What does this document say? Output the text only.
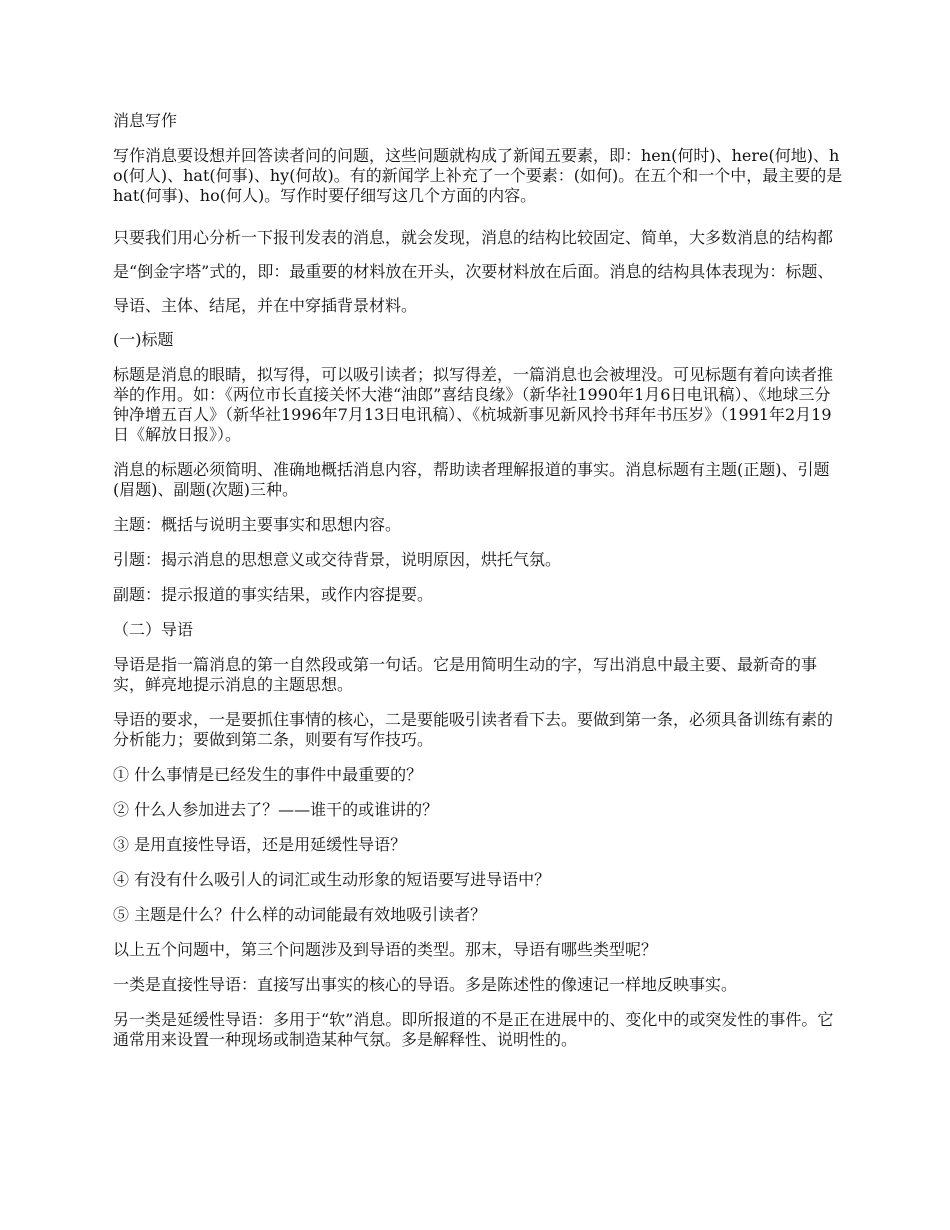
消息写作

写作消息要设想并回答读者问的问题，这些问题就构成了新闻五要素，即：hen(何时)、here(何地)、ho(何人)、hat(何事)、hy(何故)。有的新闻学上补充了一个要素：(如何)。在五个和一个中，最主要的是hat(何事)、ho(何人)。写作时要仔细写这几个方面的内容。

只要我们用心分析一下报刊发表的消息，就会发现，消息的结构比较固定、简单，大多数消息的结构都是“倒金字塔”式的，即：最重要的材料放在开头，次要材料放在后面。消息的结构具体表现为：标题、导语、主体、结尾，并在中穿插背景材料。

(一)标题

标题是消息的眼睛，拟写得，可以吸引读者；拟写得差，一篇消息也会被埋没。可见标题有着向读者推举的作用。如：《两位市长直接关怀大港“油郎”喜结良缘》（新华社1990年1月6日电讯稿）、《地球三分钟净增五百人》（新华社1996年7月13日电讯稿）、《杭城新事见新风拎书拜年书压岁》（1991年2月19日《解放日报》）。

消息的标题必须简明、准确地概括消息内容，帮助读者理解报道的事实。消息标题有主题(正题)、引题(眉题)、副题(次题)三种。

主题：概括与说明主要事实和思想内容。

引题：揭示消息的思想意义或交待背景，说明原因，烘托气氛。

副题：提示报道的事实结果，或作内容提要。

（二）导语

导语是指一篇消息的第一自然段或第一句话。它是用简明生动的字，写出消息中最主要、最新奇的事实，鲜亮地提示消息的主题思想。

导语的要求，一是要抓住事情的核心，二是要能吸引读者看下去。要做到第一条，必须具备训练有素的分析能力；要做到第二条，则要有写作技巧。

① 什么事情是已经发生的事件中最重要的？

② 什么人参加进去了？——谁干的或谁讲的？

③ 是用直接性导语，还是用延缓性导语？

④ 有没有什么吸引人的词汇或生动形象的短语要写进导语中？

⑤ 主题是什么？什么样的动词能最有效地吸引读者？

以上五个问题中，第三个问题涉及到导语的类型。那末，导语有哪些类型呢？

一类是直接性导语：直接写出事实的核心的导语。多是陈述性的像速记一样地反映事实。

另一类是延缓性导语：多用于“软”消息。即所报道的不是正在进展中的、变化中的或突发性的事件。它通常用来设置一种现场或制造某种气氛。多是解释性、说明性的。
